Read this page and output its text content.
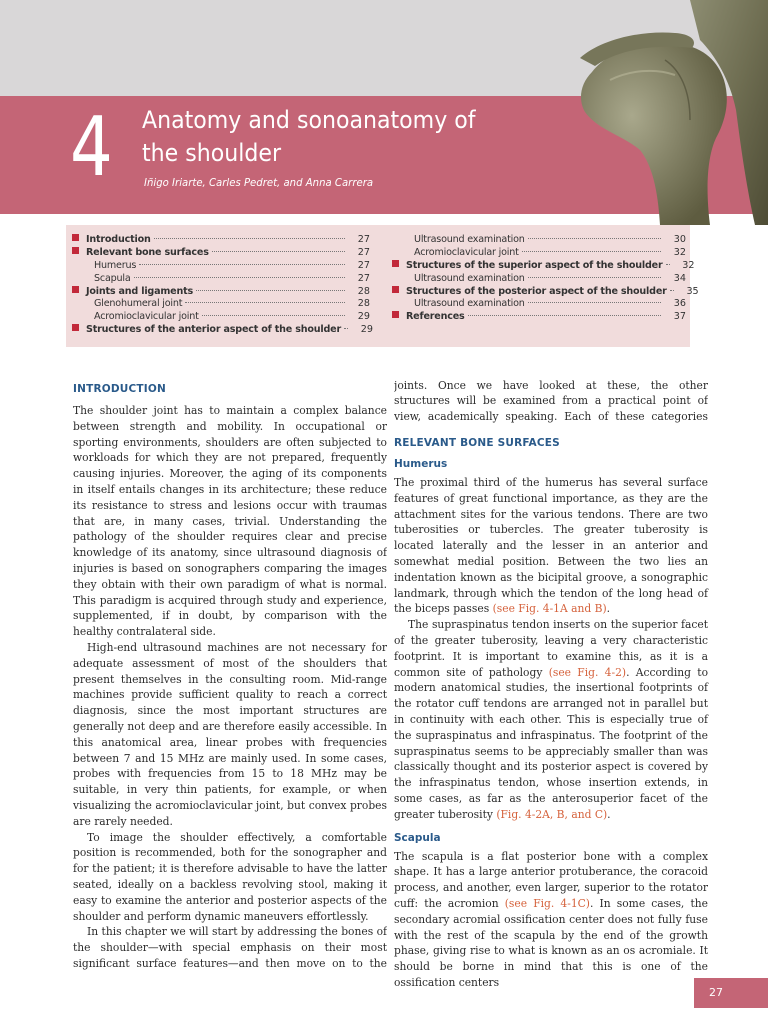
4 Anatomy and sonoanatomy of the shoulder
Iñigo Iriarte, Carles Pedret, and Anna Carrera
Introduction	27
Relevant bone surfaces	27
Humerus	27
Scapula	27
Joints and ligaments	28
Glenohumeral joint	28
Acromioclavicular joint	29
Structures of the anterior aspect of the shoulder	29
Ultrasound examination	30
Acromioclavicular joint	32
Structures of the superior aspect of the shoulder	32
Ultrasound examination	34
Structures of the posterior aspect of the shoulder	35
Ultrasound examination	36
References	37
INTRODUCTION

The shoulder joint has to maintain a complex balance between strength and mobility. In occupational or sporting environments, shoulders are often subjected to workloads for which they are not prepared, frequently causing injuries. Moreover, the aging of its components in itself entails changes in its architecture; these reduce its resistance to stress and lesions occur with traumas that are, in many cases, trivial. Understanding the pathology of the shoulder requires clear and precise knowledge of its anatomy, since ultrasound diagnosis of injuries is based on sonographers comparing the images they obtain with their own paradigm of what is normal. This paradigm is acquired through study and experience, supplemented, if in doubt, by comparison with the healthy contralateral side.

High-end ultrasound machines are not necessary for adequate assessment of most of the shoulders that present themselves in the consulting room. Mid-range machines provide sufficient quality to reach a correct diagnosis, since the most important structures are generally not deep and are therefore easily accessible. In this anatomical area, linear probes with frequencies between 7 and 15 MHz are mainly used. In some cases, probes with frequencies from 15 to 18 MHz may be suitable, in very thin patients, for example, or when visualizing the acromioclavicular joint, but convex probes are rarely needed.

To image the shoulder effectively, a comfortable position is recommended, both for the sonographer and for the patient; it is therefore advisable to have the latter seated, ideally on a backless revolving stool, making it easy to examine the anterior and posterior aspects of the shoulder and perform dynamic maneuvers effortlessly.

In this chapter we will start by addressing the bones of the shoulder—with special emphasis on their most significant surface features—and then move on to the

joints. Once we have looked at these, the other structures will be examined from a practical point of view, academically speaking. Each of these categories

RELEVANT BONE SURFACES
Humerus

The proximal third of the humerus has several surface features of great functional importance, as they are the attachment sites for the various tendons. There are two tuberosities or tubercles. The greater tuberosity is located laterally and the lesser in an anterior and somewhat medial position. Between the two lies an indentation known as the bicipital groove, a sonographic landmark, through which the tendon of the long head of the biceps passes (see Fig. 4-1A and B).

The supraspinatus tendon inserts on the superior facet of the greater tuberosity, leaving a very characteristic footprint. It is important to examine this, as it is a common site of pathology (see Fig. 4-2). According to modern anatomical studies, the insertional footprints of the rotator cuff tendons are arranged not in parallel but in continuity with each other. This is especially true of the supraspinatus and infraspinatus. The footprint of the supraspinatus seems to be appreciably smaller than was classically thought and its posterior aspect is covered by the infraspinatus tendon, whose insertion extends, in some cases, as far as the anterosuperior facet of the greater tuberosity (Fig. 4-2A, B, and C).

Scapula

The scapula is a flat posterior bone with a complex shape. It has a large anterior protuberance, the coracoid process, and another, even larger, superior to the rotator cuff: the acromion (see Fig. 4-1C). In some cases, the secondary acromial ossification center does not fully fuse with the rest of the scapula by the end of the growth phase, giving rise to what is known as an os acromiale. It should be borne in mind that this is one of the ossification centers

27
